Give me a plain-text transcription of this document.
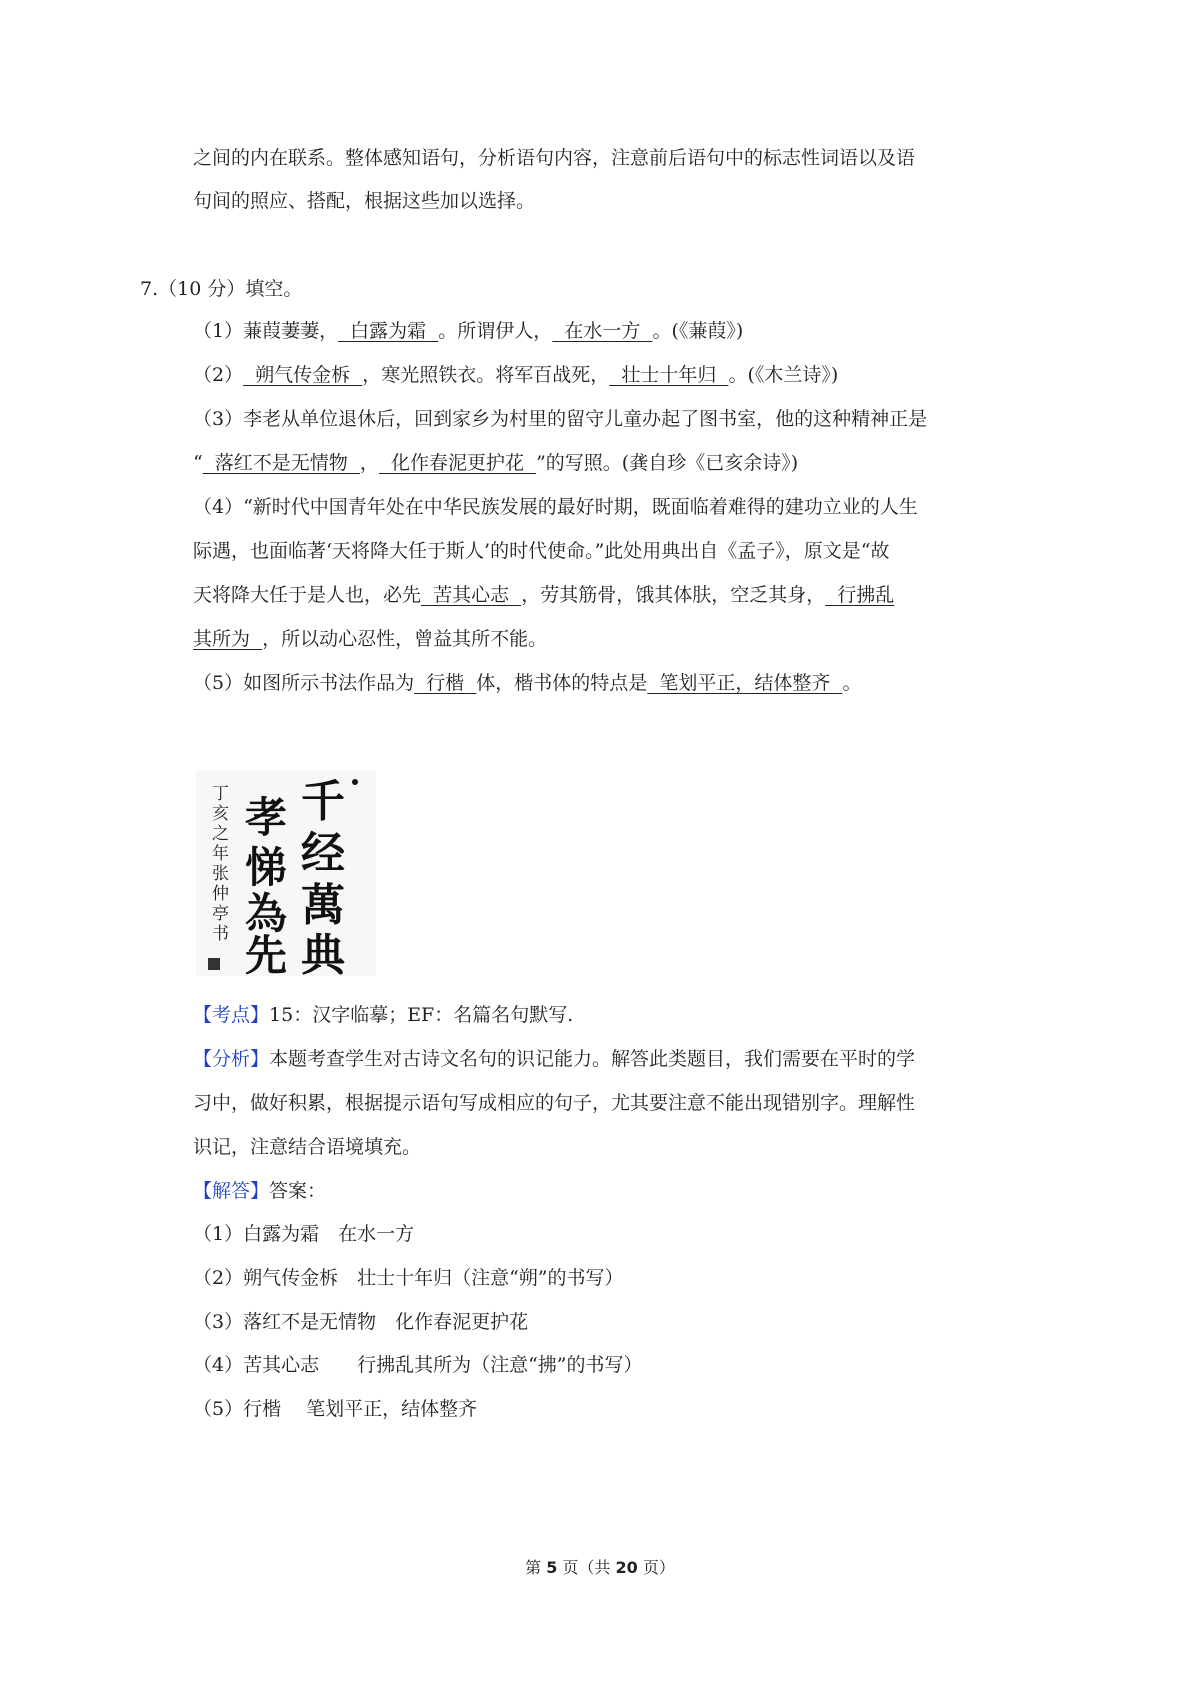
之间的内在联系。整体感知语句，分析语句内容，注意前后语句中的标志性词语以及语
句间的照应、搭配，根据这些加以选择。
7.（10 分）填空。
（1）蒹葭萋萋，  白露为霜  。所谓伊人，  在水一方  。(《蒹葭》)
（2）  朔气传金柝  ，寒光照铁衣。将军百战死，  壮士十年归  。(《木兰诗》)
（3）李老从单位退休后，回到家乡为村里的留守儿童办起了图书室，他的这种精神正是
“  落红不是无情物  ，  化作春泥更护花  ”的写照。(龚自珍《已亥余诗》)
（4）“新时代中国青年处在中华民族发展的最好时期，既面临着难得的建功立业的人生
际遇，也面临著‘天将降大任于斯人’的时代使命。”此处用典出自《孟子》，原文是“故
天将降大任于是人也，必先  苦其心志  ，劳其筋骨，饿其体肤，空乏其身，  行拂乱
其所为  ，所以动心忍性，曾益其所不能。
（5）如图所示书法作品为  行楷  体，楷书体的特点是  笔划平正，结体整齐  。
千
经
萬
典
孝
悌
為
先
丁亥之年张仲亭书
【考点】15：汉字临摹；EF：名篇名句默写.
【分析】本题考查学生对古诗文名句的识记能力。解答此类题目，我们需要在平时的学
习中，做好积累，根据提示语句写成相应的句子，尤其要注意不能出现错别字。理解性
识记，注意结合语境填充。
【解答】答案：
（1）白露为霜　在水一方
（2）朔气传金柝　壮士十年归（注意“朔”的书写）
（3）落红不是无情物　化作春泥更护花
（4）苦其心志　　行拂乱其所为（注意“拂”的书写）
（5）行楷　 笔划平正，结体整齐
第 5 页（共 20 页）
